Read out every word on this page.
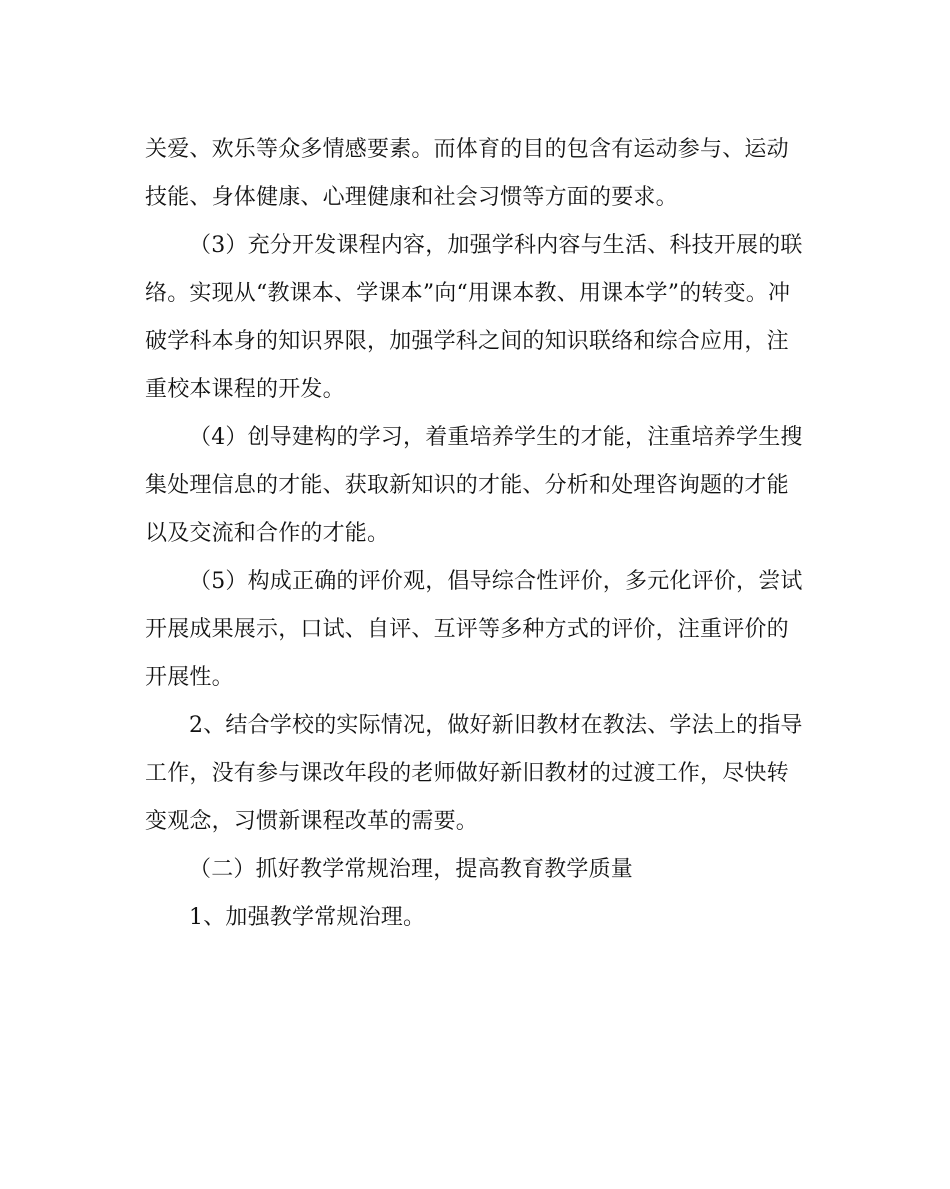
关爱、欢乐等众多情感要素。而体育的目的包含有运动参与、运动技能、身体健康、心理健康和社会习惯等方面的要求。

（3）充分开发课程内容，加强学科内容与生活、科技开展的联络。实现从“教课本、学课本”向“用课本教、用课本学”的转变。冲破学科本身的知识界限，加强学科之间的知识联络和综合应用，注重校本课程的开发。

（4）创导建构的学习，着重培养学生的才能，注重培养学生搜集处理信息的才能、获取新知识的才能、分析和处理咨询题的才能以及交流和合作的才能。

（5）构成正确的评价观，倡导综合性评价，多元化评价，尝试开展成果展示，口试、自评、互评等多种方式的评价，注重评价的开展性。

2、结合学校的实际情况，做好新旧教材在教法、学法上的指导工作，没有参与课改年段的老师做好新旧教材的过渡工作，尽快转变观念，习惯新课程改革的需要。

（二）抓好教学常规治理，提高教育教学质量

1、加强教学常规治理。
